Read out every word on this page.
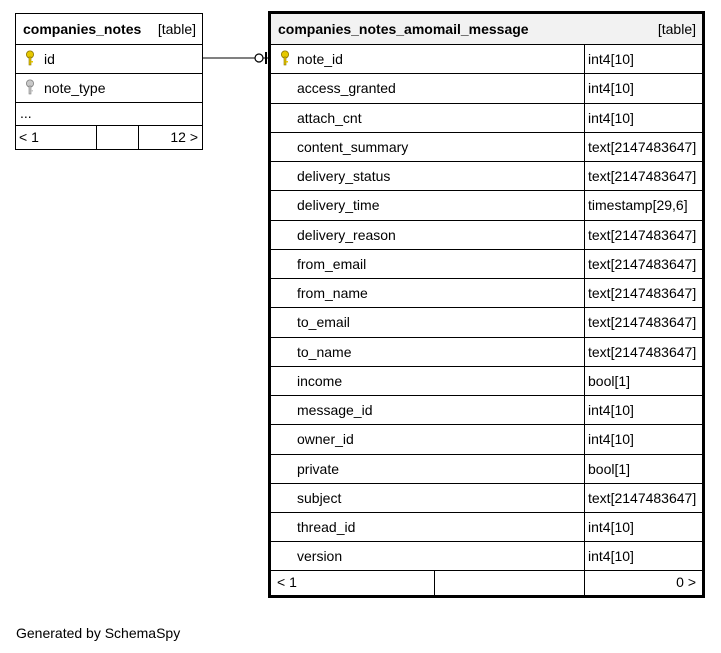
companies_notes [table]
id
note_type
...
< 1	12 >
companies_notes_amomail_message	[table]
note_id	int4[10]
access_granted	int4[10]
attach_cnt	int4[10]
content_summary	text[2147483647]
delivery_status	text[2147483647]
delivery_time	timestamp[29,6]
delivery_reason	text[2147483647]
from_email	text[2147483647]
from_name	text[2147483647]
to_email	text[2147483647]
to_name	text[2147483647]
income	bool[1]
message_id	int4[10]
owner_id	int4[10]
private	bool[1]
subject	text[2147483647]
thread_id	int4[10]
version	int4[10]
< 1	0 >
Generated by SchemaSpy
